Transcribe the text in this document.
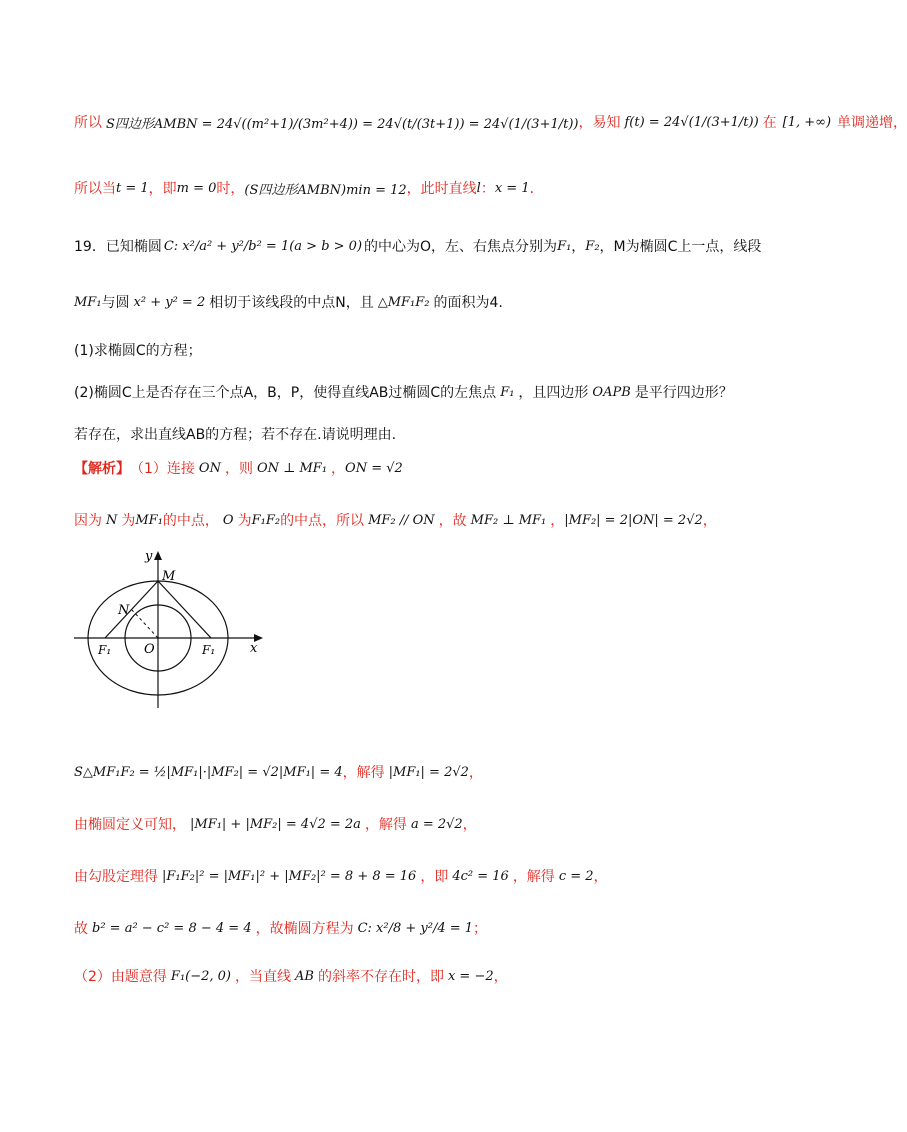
所以 S四边形AMBN = 24√((m²+1)/(3m²+4)) = 24√(t/(3t+1)) = 24√(1/(3+1/t)) ，易知 f(t) = 24√(1/(3+1/t)) 在 [1, +∞) 单调递增，
所以当 t = 1 ，即 m = 0 时， (S四边形AMBN)min = 12 ，此时直线 l ： x = 1 ．
19．已知椭圆 C: x²/a² + y²/b² = 1(a > b > 0) 的中心为O，左、右焦点分别为 F₁ ， F₂ ，M为椭圆C上一点，线段
MF₁ 与圆 x² + y² = 2 相切于该线段的中点N，且 △MF₁F₂ 的面积为4.
(1)求椭圆C的方程；
(2)椭圆C上是否存在三个点A，B，P，使得直线AB过椭圆C的左焦点 F₁ ，且四边形 OAPB 是平行四边形？
若存在，求出直线AB的方程；若不存在.请说明理由.
【解析】 （1）连接 ON ，则 ON ⊥ MF₁ ， ON = √2
因为 N 为 MF₁ 的中点， O 为 F₁F₂ 的中点，所以 MF₂ // ON ，故 MF₂ ⊥ MF₁ ， |MF₂| = 2|ON| = 2√2 ，
y
x
M
N
O
F₁	F₁
S△MF₁F₂ = ½|MF₁|·|MF₂| = √2|MF₁| = 4 ，解得 |MF₁| = 2√2 ，
由椭圆定义可知， |MF₁| + |MF₂| = 4√2 = 2a ，解得 a = 2√2 ，
由勾股定理得 |F₁F₂|² = |MF₁|² + |MF₂|² = 8 + 8 = 16 ，即 4c² = 16 ，解得 c = 2 ，
故 b² = a² − c² = 8 − 4 = 4 ，故椭圆方程为 C: x²/8 + y²/4 = 1 ；
（2）由题意得 F₁(−2, 0) ，当直线 AB 的斜率不存在时，即 x = −2 ，
